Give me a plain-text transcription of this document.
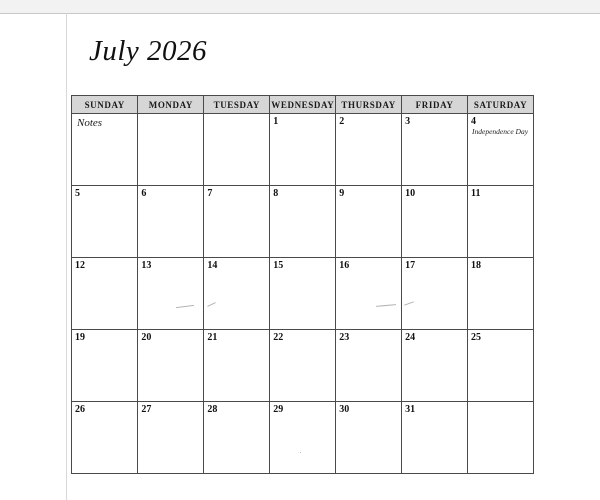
July 2026
SUNDAY	MONDAY	TUESDAY	WEDNESDAY	THURSDAY	FRIDAY	SATURDAY

Notes			1	2	3	4
Independence Day

5	6	7	8	9	10	11

12	13	14	15	16	17	18

19	20	21	22	23	24	25

26	27	28	29	30	31	
